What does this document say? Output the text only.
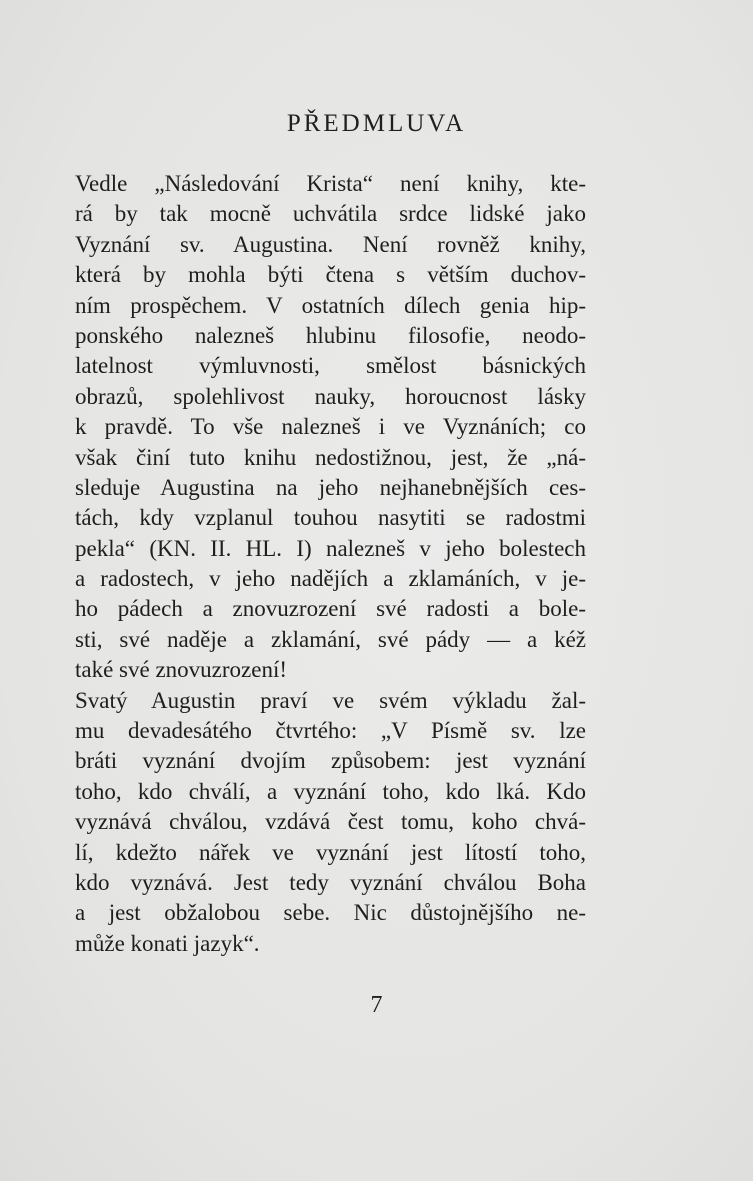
PŘEDMLUVA
Vedle „Následování Krista“ není knihy, kte-
rá by tak mocně uchvátila srdce lidské jako
Vyznání sv. Augustina. Není rovněž knihy,
která by mohla býti čtena s větším duchov-
ním prospěchem. V ostatních dílech genia hip-
ponského nalezneš hlubinu filosofie, neodo-
latelnost výmluvnosti, smělost básnických
obrazů, spolehlivost nauky, horoucnost lásky
k pravdě. To vše nalezneš i ve Vyznáních; co
však činí tuto knihu nedostižnou, jest, že „ná-
sleduje Augustina na jeho nejhanebnějších ces-
tách, kdy vzplanul touhou nasytiti se radostmi
pekla“ (KN. II. HL. I) nalezneš v jeho bolestech
a radostech, v jeho nadějích a zklamáních, v je-
ho pádech a znovuzrození své radosti a bole-
sti, své naděje a zklamání, své pády — a kéž
také své znovuzrození!
Svatý Augustin praví ve svém výkladu žal-
mu devadesátého čtvrtého: „V Písmě sv. lze
bráti vyznání dvojím způsobem: jest vyznání
toho, kdo chválí, a vyznání toho, kdo lká. Kdo
vyznává chválou, vzdává čest tomu, koho chvá-
lí, kdežto nářek ve vyznání jest lítostí toho,
kdo vyznává. Jest tedy vyznání chválou Boha
a jest obžalobou sebe. Nic důstojnějšího ne-
může konati jazyk“.
7
